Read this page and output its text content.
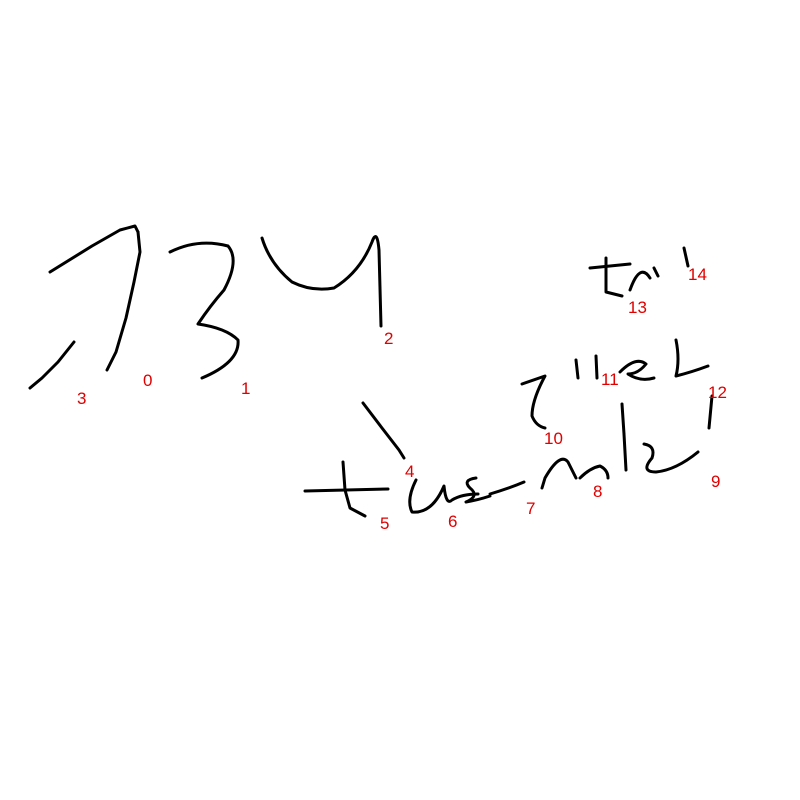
0	1
2
3
4
5	6
7
8
9
10
11
12
13
14
